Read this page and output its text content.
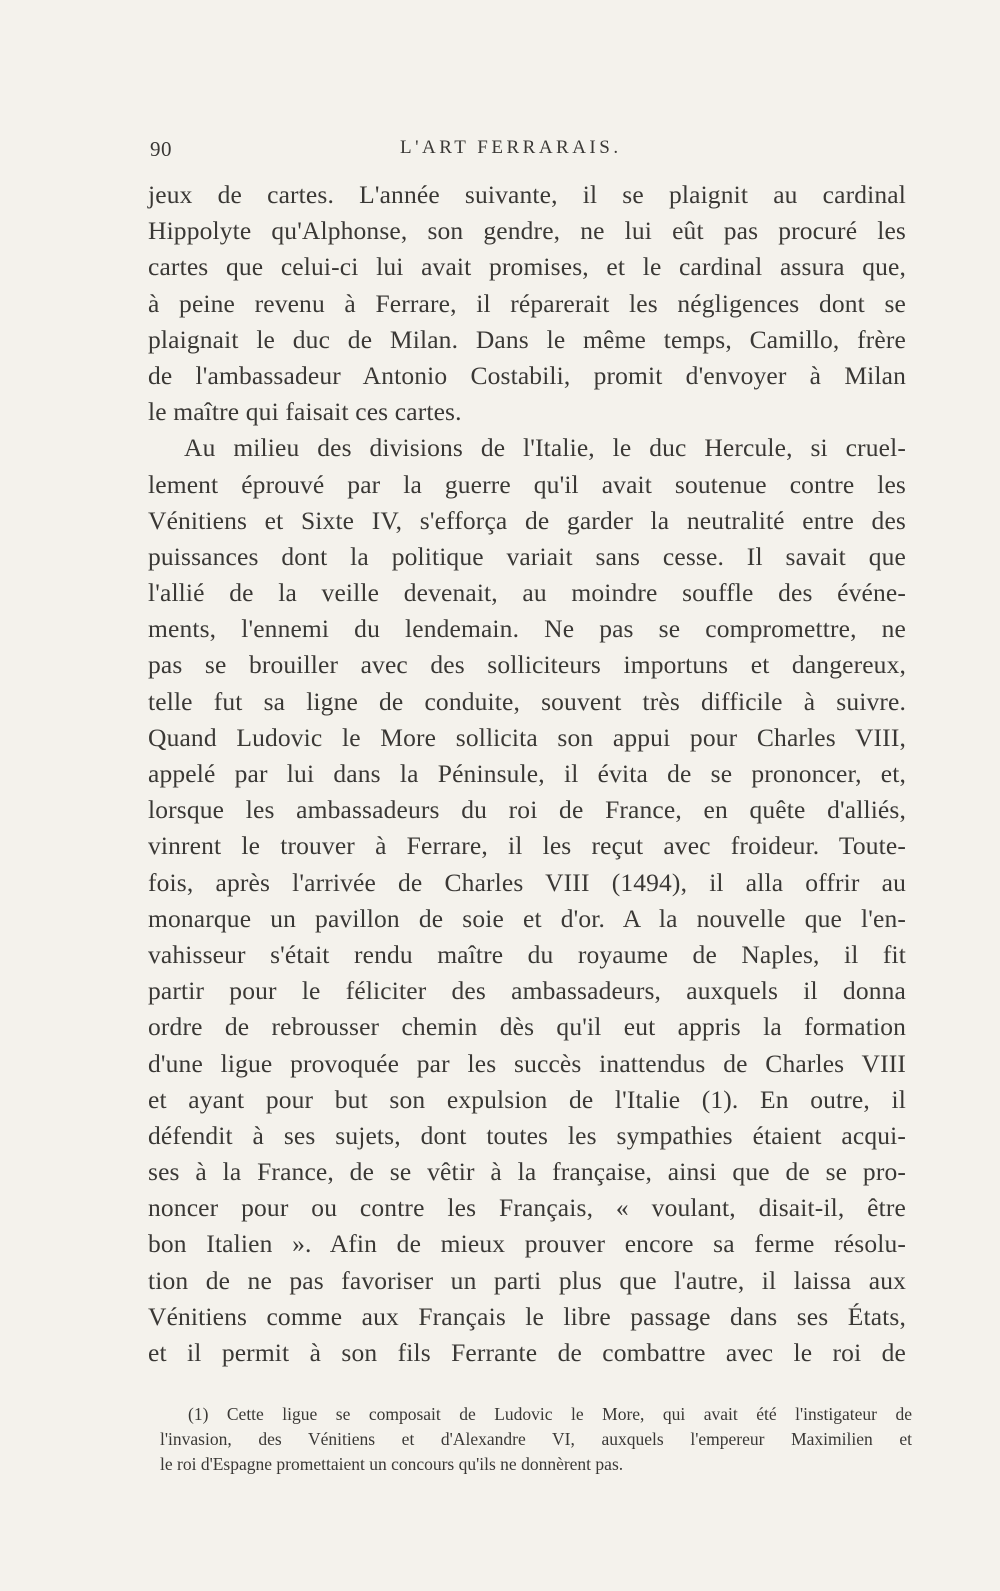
90	L'ART FERRARAIS.
jeux de cartes. L'année suivante, il se plaignit au cardinal
Hippolyte qu'Alphonse, son gendre, ne lui eût pas procuré les
cartes que celui-ci lui avait promises, et le cardinal assura que,
à peine revenu à Ferrare, il réparerait les négligences dont se
plaignait le duc de Milan. Dans le même temps, Camillo, frère
de l'ambassadeur Antonio Costabili, promit d'envoyer à Milan
le maître qui faisait ces cartes.
Au milieu des divisions de l'Italie, le duc Hercule, si cruel-
lement éprouvé par la guerre qu'il avait soutenue contre les
Vénitiens et Sixte IV, s'efforça de garder la neutralité entre des
puissances dont la politique variait sans cesse. Il savait que
l'allié de la veille devenait, au moindre souffle des événe-
ments, l'ennemi du lendemain. Ne pas se compromettre, ne
pas se brouiller avec des solliciteurs importuns et dangereux,
telle fut sa ligne de conduite, souvent très difficile à suivre.
Quand Ludovic le More sollicita son appui pour Charles VIII,
appelé par lui dans la Péninsule, il évita de se prononcer, et,
lorsque les ambassadeurs du roi de France, en quête d'alliés,
vinrent le trouver à Ferrare, il les reçut avec froideur. Toute-
fois, après l'arrivée de Charles VIII (1494), il alla offrir au
monarque un pavillon de soie et d'or. A la nouvelle que l'en-
vahisseur s'était rendu maître du royaume de Naples, il fit
partir pour le féliciter des ambassadeurs, auxquels il donna
ordre de rebrousser chemin dès qu'il eut appris la formation
d'une ligue provoquée par les succès inattendus de Charles VIII
et ayant pour but son expulsion de l'Italie (1). En outre, il
défendit à ses sujets, dont toutes les sympathies étaient acqui-
ses à la France, de se vêtir à la française, ainsi que de se pro-
noncer pour ou contre les Français, « voulant, disait-il, être
bon Italien ». Afin de mieux prouver encore sa ferme résolu-
tion de ne pas favoriser un parti plus que l'autre, il laissa aux
Vénitiens comme aux Français le libre passage dans ses États,
et il permit à son fils Ferrante de combattre avec le roi de
(1) Cette ligue se composait de Ludovic le More, qui avait été l'instigateur de
l'invasion, des Vénitiens et d'Alexandre VI, auxquels l'empereur Maximilien et
le roi d'Espagne promettaient un concours qu'ils ne donnèrent pas.
